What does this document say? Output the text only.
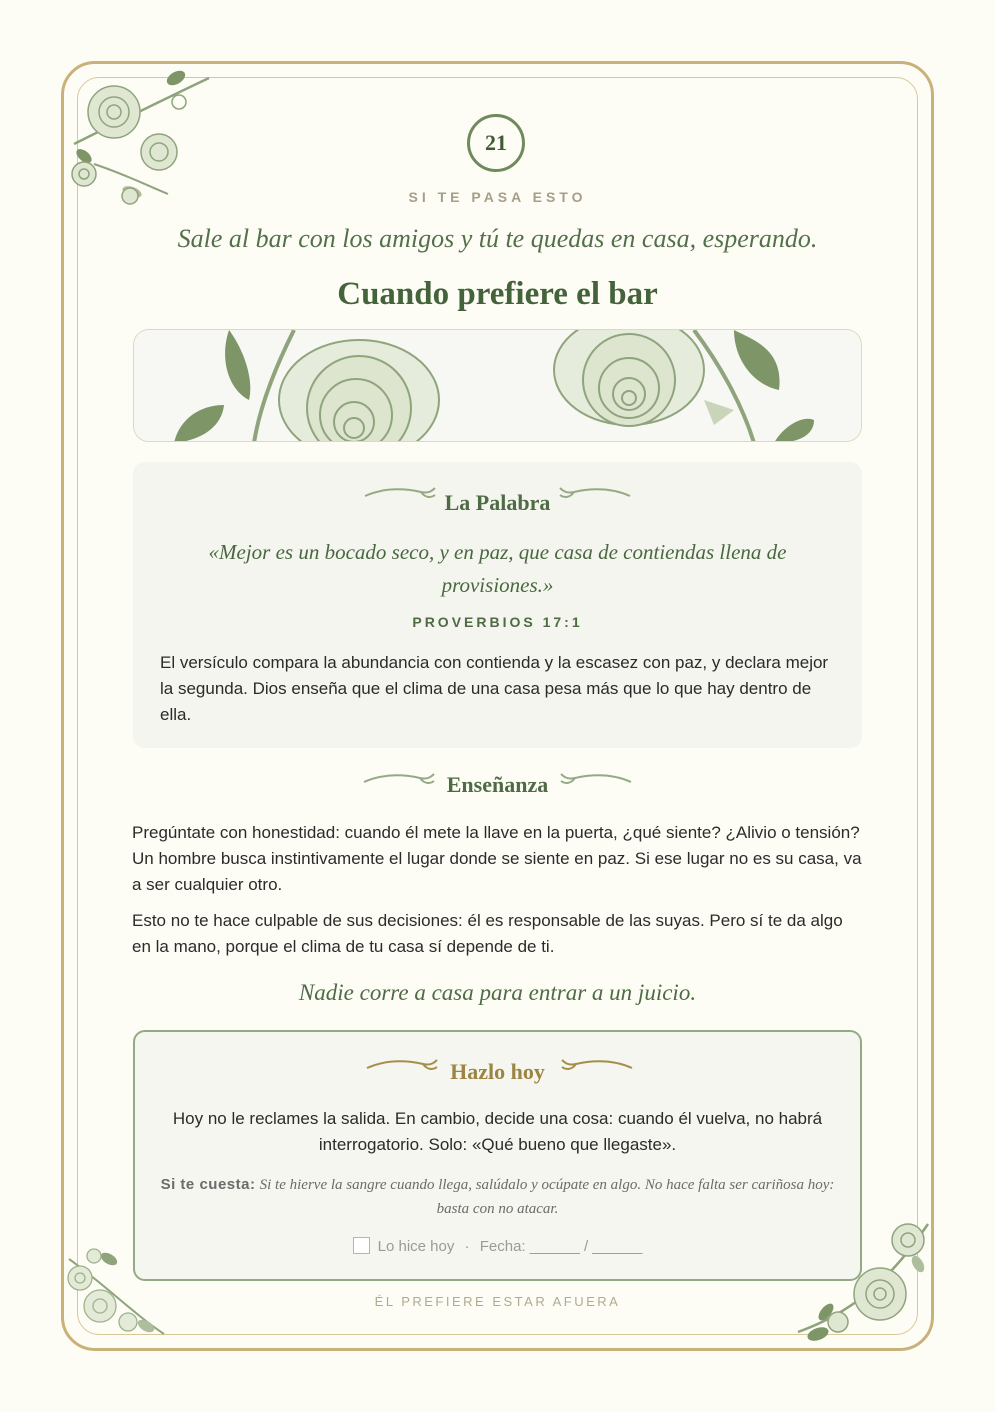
21
SI TE PASA ESTO
Sale al bar con los amigos y tú te quedas en casa, esperando.
Cuando prefiere el bar
La Palabra
«Mejor es un bocado seco, y en paz, que casa de contiendas llena de provisiones.»
PROVERBIOS 17:1
El versículo compara la abundancia con contienda y la escasez con paz, y declara mejor la segunda. Dios enseña que el clima de una casa pesa más que lo que hay dentro de ella.
Enseñanza
Pregúntate con honestidad: cuando él mete la llave en la puerta, ¿qué siente? ¿Alivio o tensión? Un hombre busca instintivamente el lugar donde se siente en paz. Si ese lugar no es su casa, va a ser cualquier otro.
Esto no te hace culpable de sus decisiones: él es responsable de las suyas. Pero sí te da algo en la mano, porque el clima de tu casa sí depende de ti.
Nadie corre a casa para entrar a un juicio.
Hazlo hoy
Hoy no le reclames la salida. En cambio, decide una cosa: cuando él vuelva, no habrá interrogatorio. Solo: «Qué bueno que llegaste».
Si te cuesta: Si te hierve la sangre cuando llega, salúdalo y ocúpate en algo. No hace falta ser cariñosa hoy: basta con no atacar.
Lo hice hoy · Fecha: ______ / ______
ÉL PREFIERE ESTAR AFUERA
